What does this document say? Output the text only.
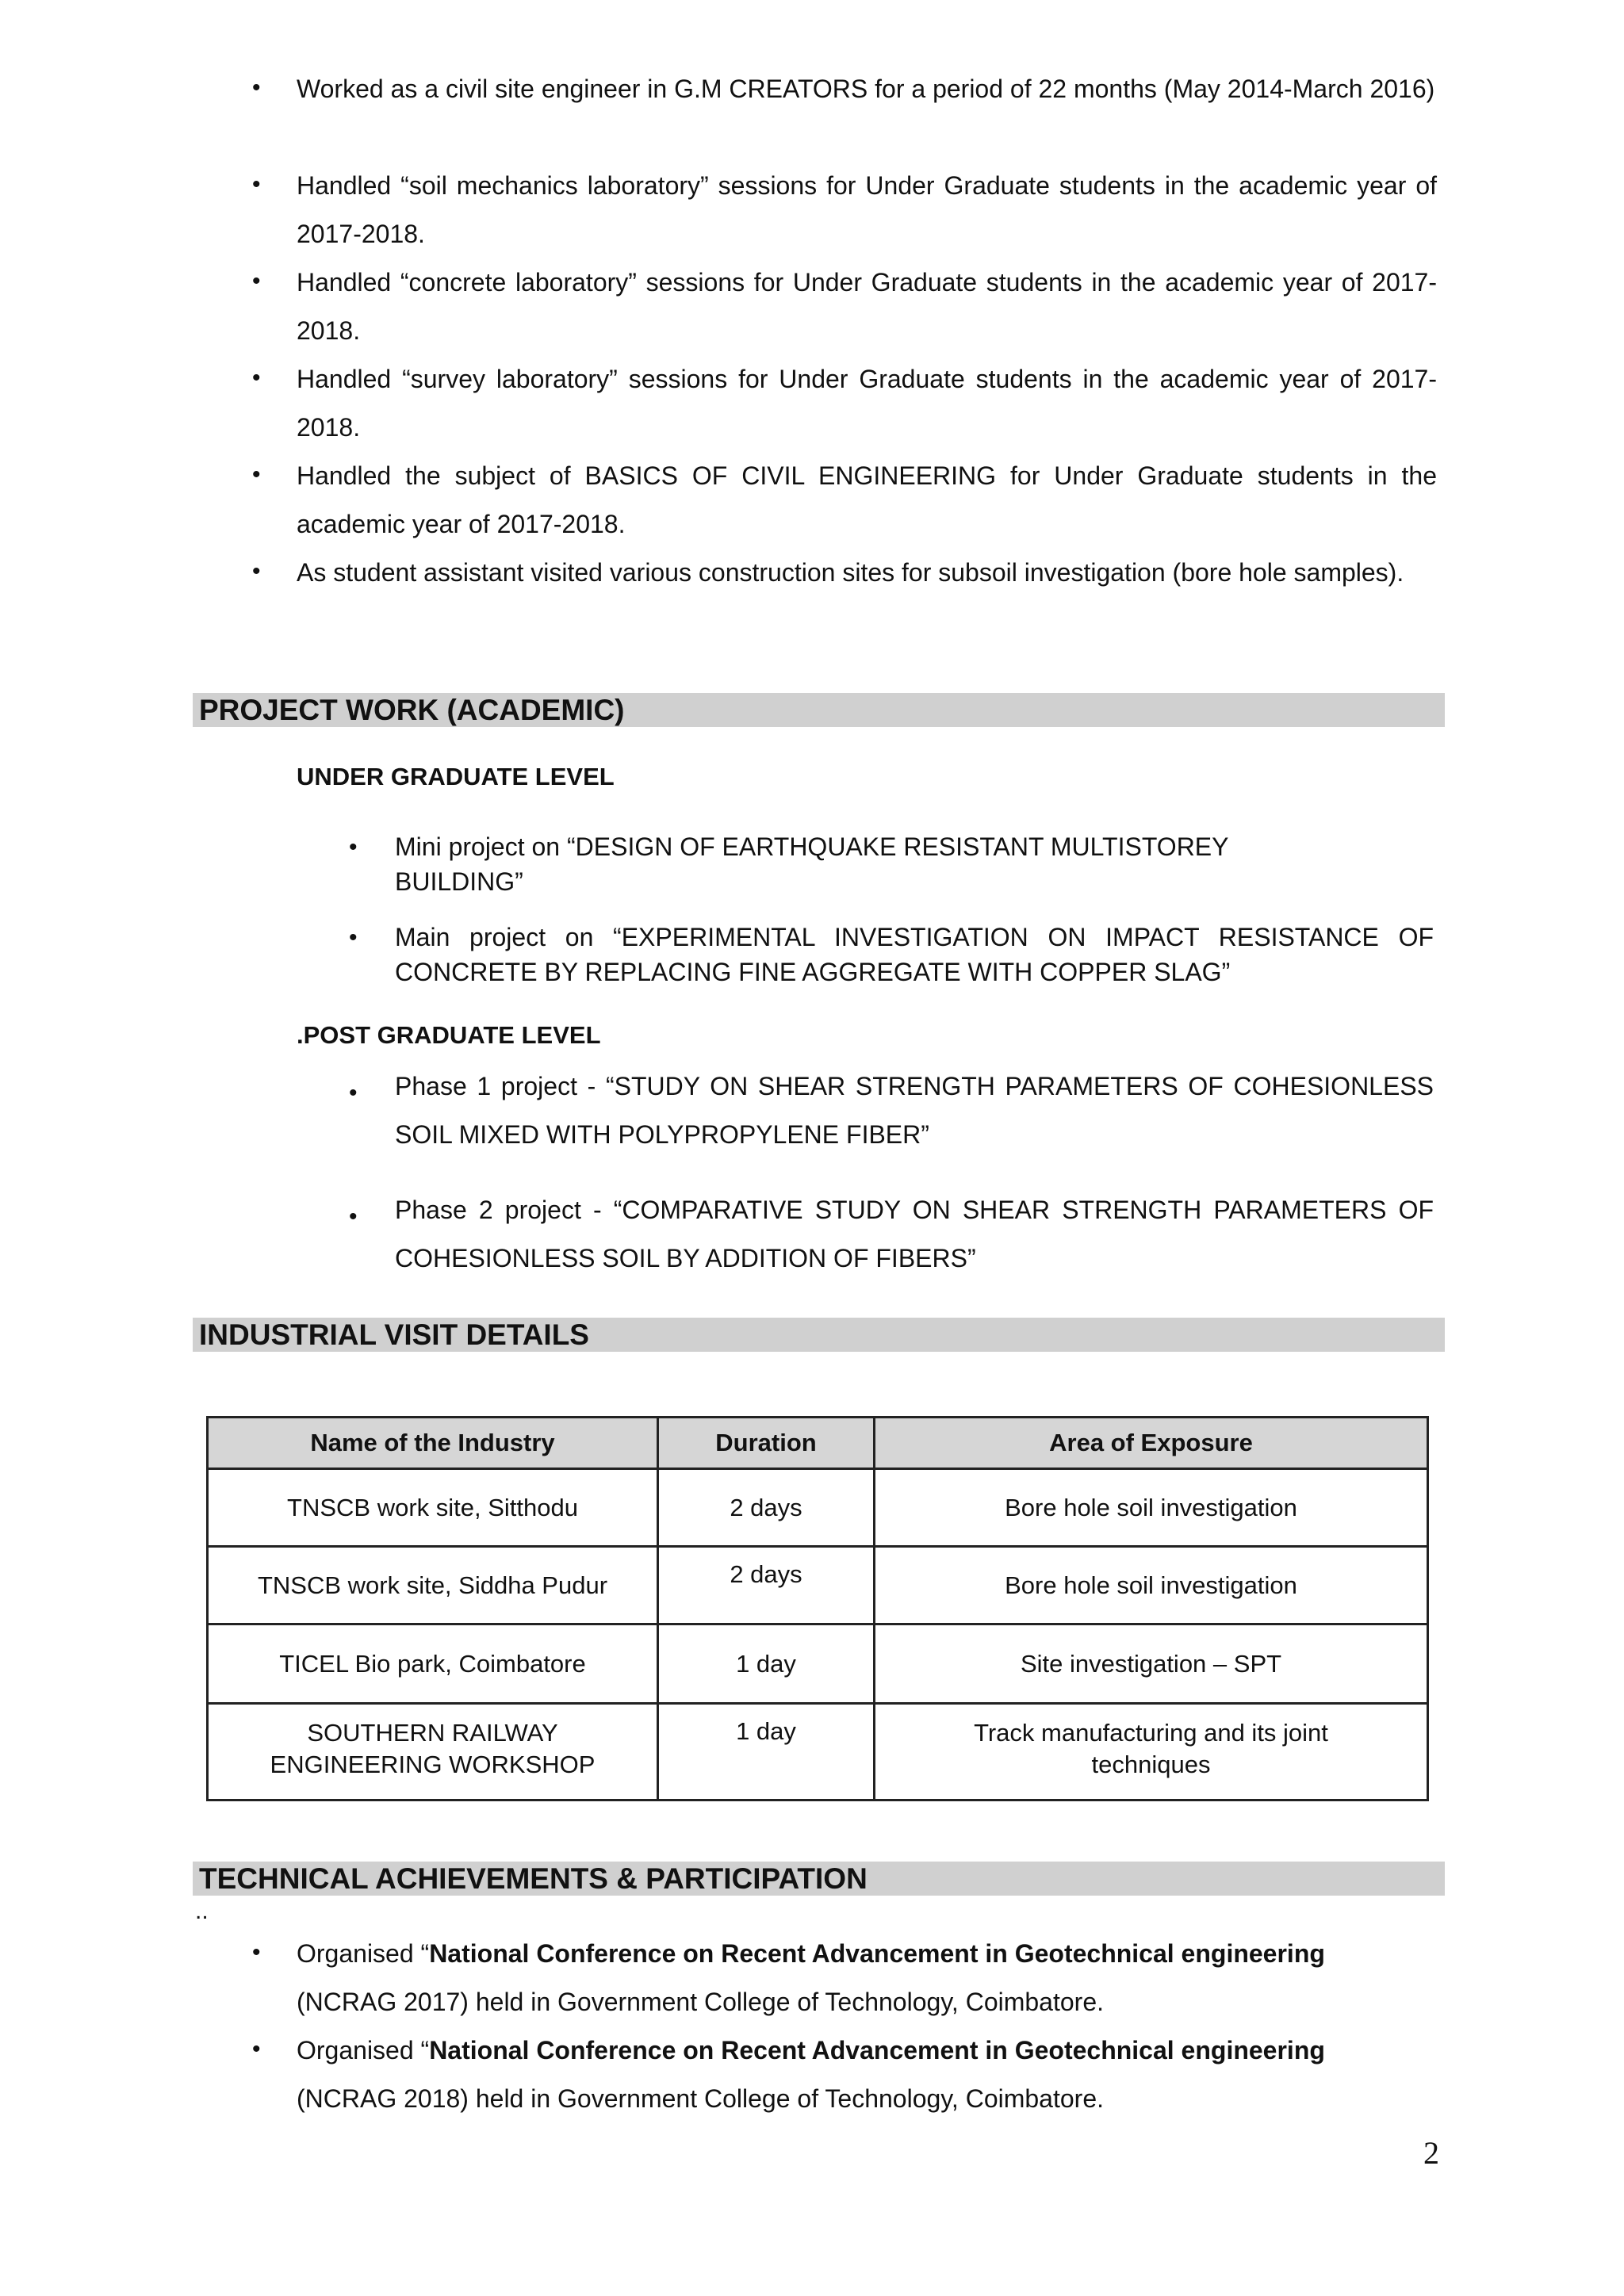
• Worked as a civil site engineer in G.M CREATORS for a period of 22 months (May 2014-March 2016)
• Handled “soil mechanics laboratory” sessions for Under Graduate students in the academic year of 2017-2018.
• Handled “concrete laboratory” sessions for Under Graduate students in the academic year of 2017-2018.
• Handled “survey laboratory” sessions for Under Graduate students in the academic year of 2017-2018.
• Handled the subject of BASICS OF CIVIL ENGINEERING for Under Graduate students in the academic year of 2017-2018.
• As student assistant visited various construction sites for subsoil investigation (bore hole samples).
PROJECT WORK (ACADEMIC)
UNDER GRADUATE LEVEL
• Mini project on “DESIGN OF EARTHQUAKE RESISTANT MULTISTOREY BUILDING”
• Main project on “EXPERIMENTAL INVESTIGATION ON IMPACT RESISTANCE OF CONCRETE BY REPLACING FINE AGGREGATE WITH COPPER SLAG”
.POST GRADUATE LEVEL
• Phase 1 project - “STUDY ON SHEAR STRENGTH PARAMETERS OF COHESIONLESS SOIL MIXED WITH POLYPROPYLENE FIBER”
• Phase 2 project - “COMPARATIVE STUDY ON SHEAR STRENGTH PARAMETERS OF COHESIONLESS SOIL BY ADDITION OF FIBERS”
INDUSTRIAL VISIT DETAILS
Name of the Industry	Duration	Area of Exposure
TNSCB work site, Sitthodu	2 days	Bore hole soil investigation
TNSCB work site, Siddha Pudur	2 days	Bore hole soil investigation
TICEL Bio park, Coimbatore	1 day	Site investigation – SPT
SOUTHERN RAILWAY ENGINEERING WORKSHOP	1 day	Track manufacturing and its joint techniques
TECHNICAL ACHIEVEMENTS & PARTICIPATION
..
• Organised “National Conference on Recent Advancement in Geotechnical engineering
(NCRAG 2017) held in Government College of Technology, Coimbatore.
• Organised “National Conference on Recent Advancement in Geotechnical engineering
(NCRAG 2018) held in Government College of Technology, Coimbatore.
2
